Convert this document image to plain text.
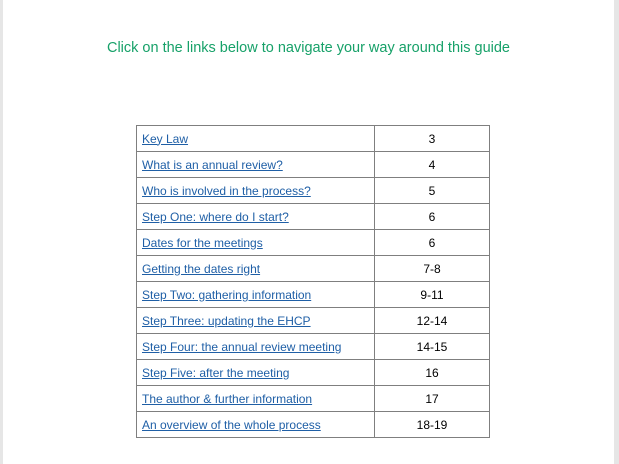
Click on the links below to navigate your way around this guide
Key Law	3
What is an annual review?	4
Who is involved in the process?	5
Step One: where do I start?	6
Dates for the meetings	6
Getting the dates right	7-8
Step Two: gathering information	9-11
Step Three: updating the EHCP	12-14
Step Four: the annual review meeting	14-15
Step Five: after the meeting	16
The author & further information	17
An overview of the whole process	18-19
